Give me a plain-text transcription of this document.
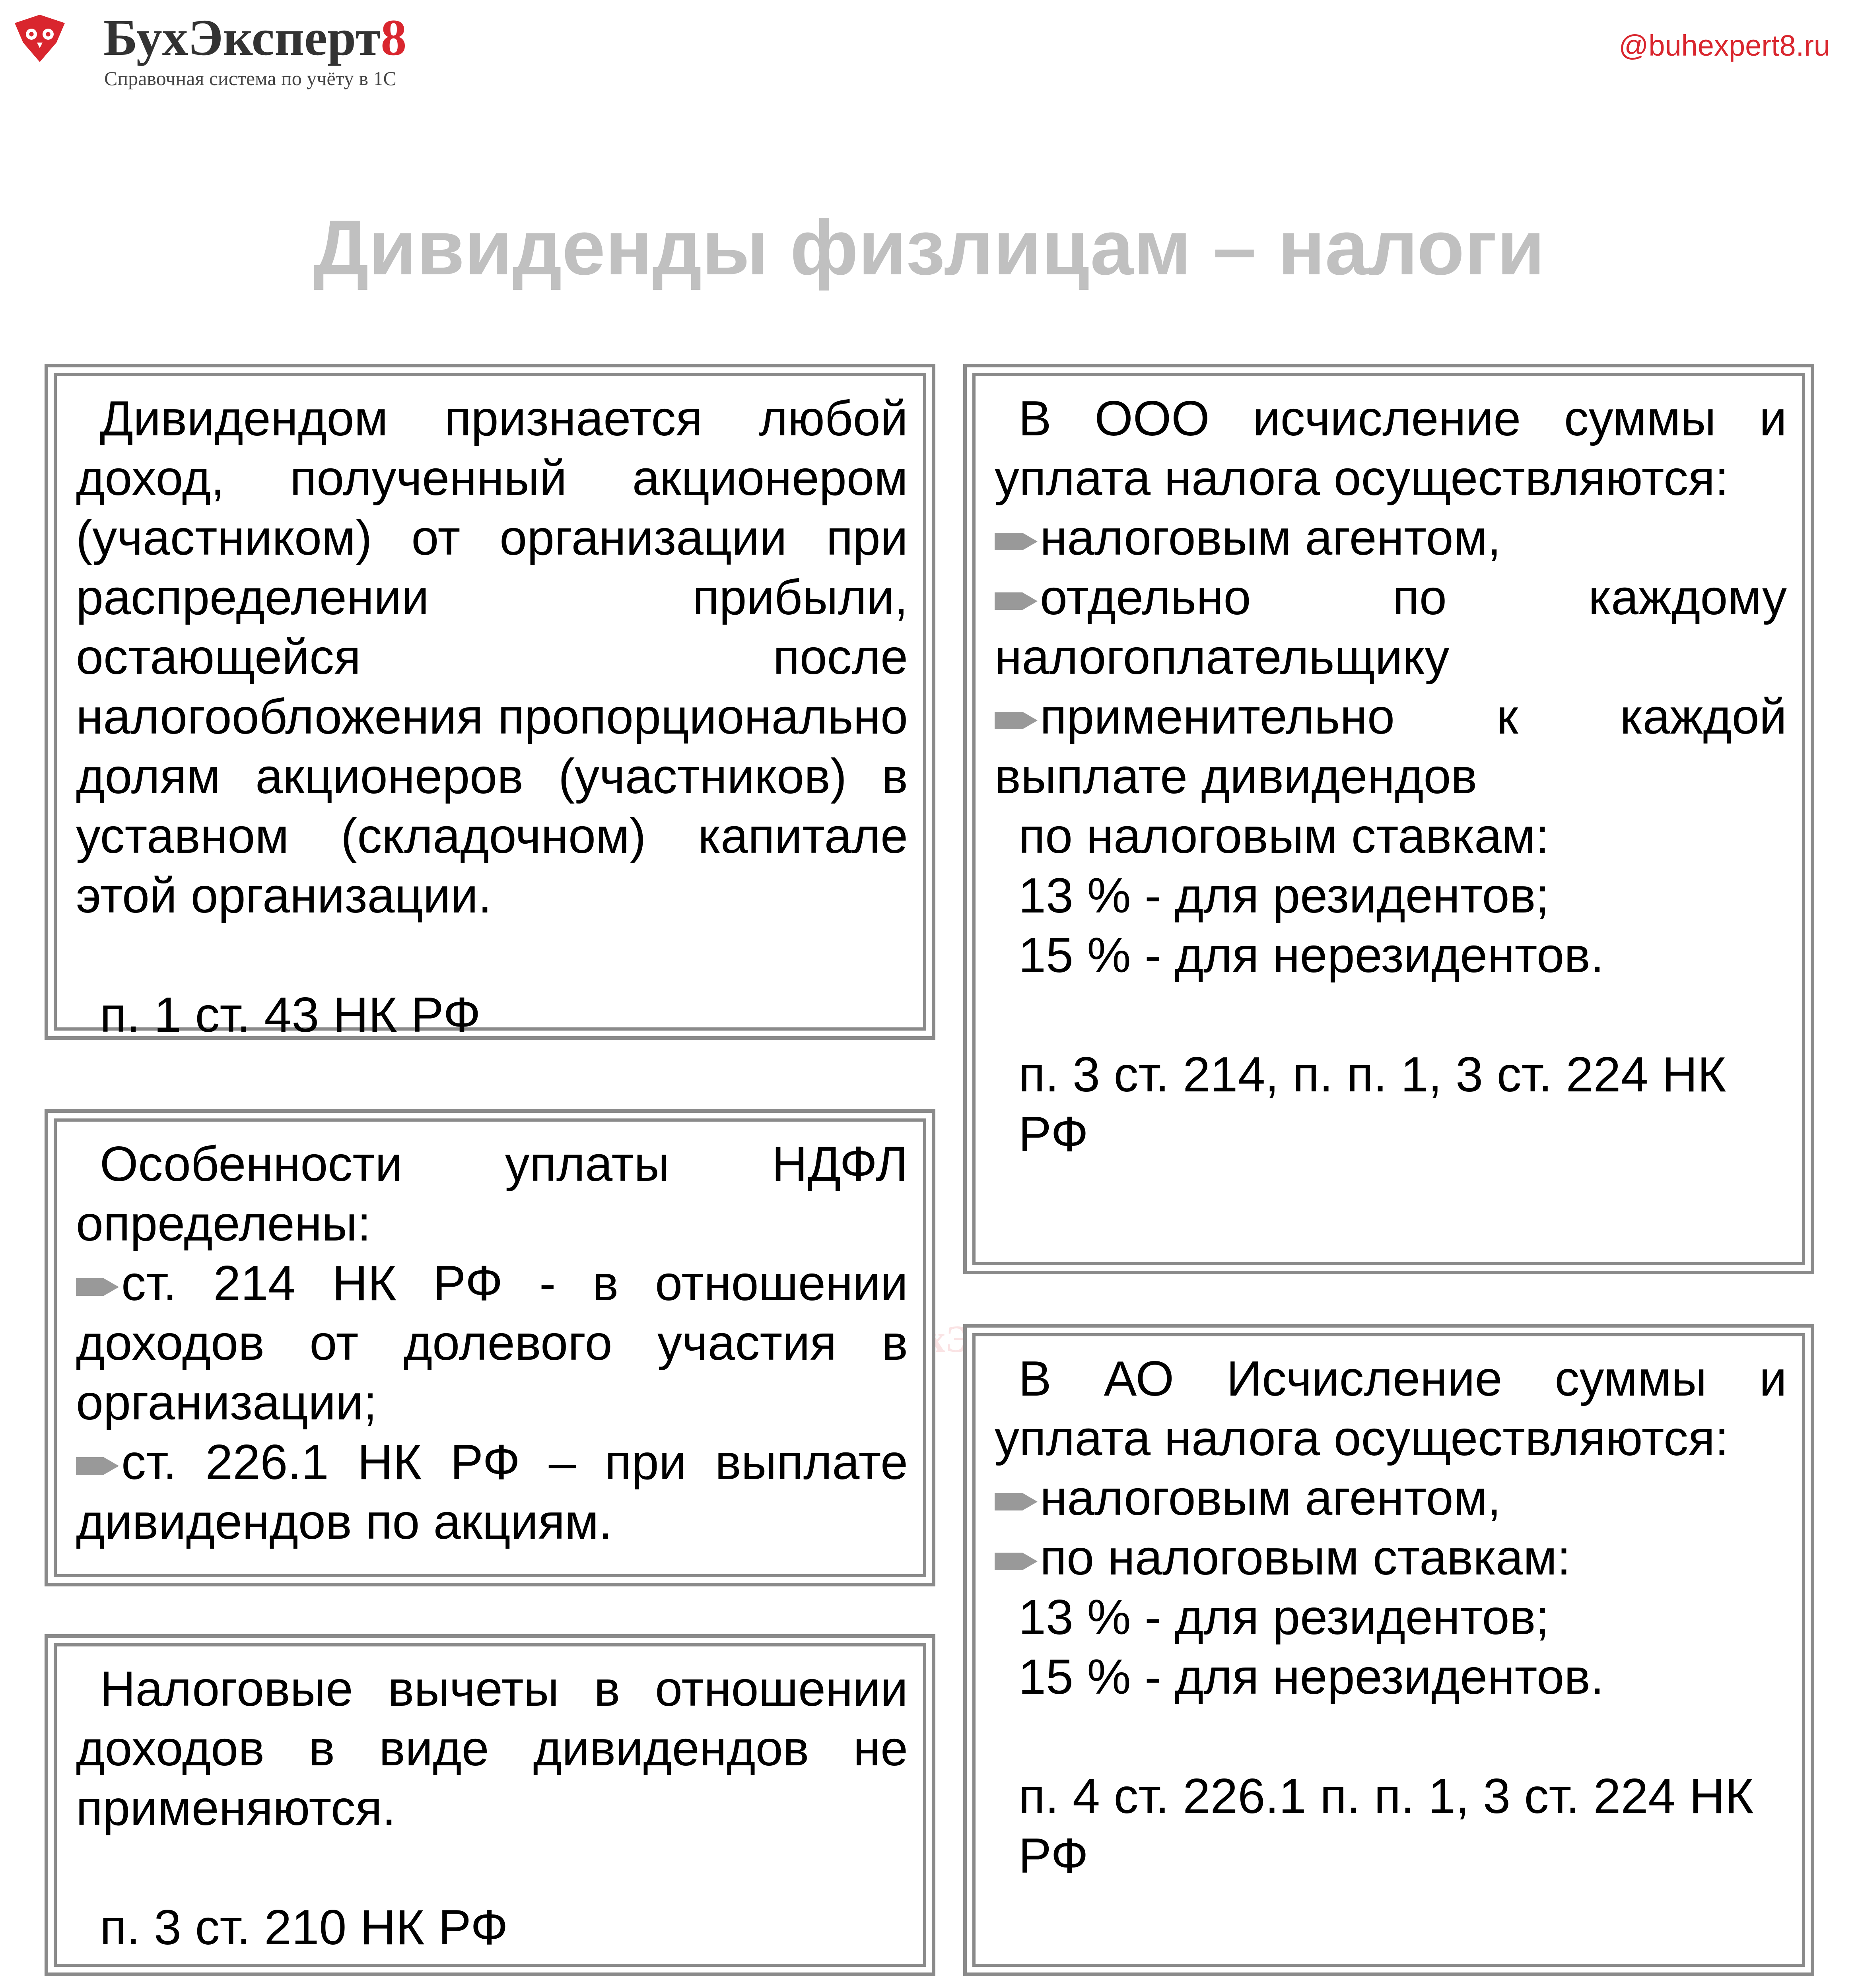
БухЭксперт8
Справочная система по учёту в 1С
@buhexpert8.ru
Дивиденды физлицам – налоги

Дивидендом признается любой доход, полученный акционером (участником) от организации при распределении прибыли, остающейся после налогообложения пропорционально долям акционеров (участников) в уставном (складочном) капитале этой организации.

п. 1 ст. 43 НК РФ

Особенности уплаты НДФЛ определены:

ст. 214 НК РФ - в отношении доходов от долевого участия в организации;

ст. 226.1 НК РФ – при выплате дивидендов по акциям.

Налоговые вычеты в отношении доходов в виде дивидендов не применяются.

п. 3 ст. 210 НК РФ

В ООО исчисление суммы и уплата налога осуществляются:

налоговым агентом,

отдельно по каждому налогоплательщику

применительно к каждой выплате дивидендов

по налоговым ставкам:

13 % - для резидентов;

15 % - для нерезидентов.

п. 3 ст. 214, п. п. 1, 3 ст. 224 НК РФ

В АО Исчисление суммы и уплата налога осуществляются:

налоговым агентом,

по налоговым ставкам:

13 % - для резидентов;

15 % - для нерезидентов.

п. 4 ст. 226.1 п. п. 1, 3 ст. 224 НК РФ
